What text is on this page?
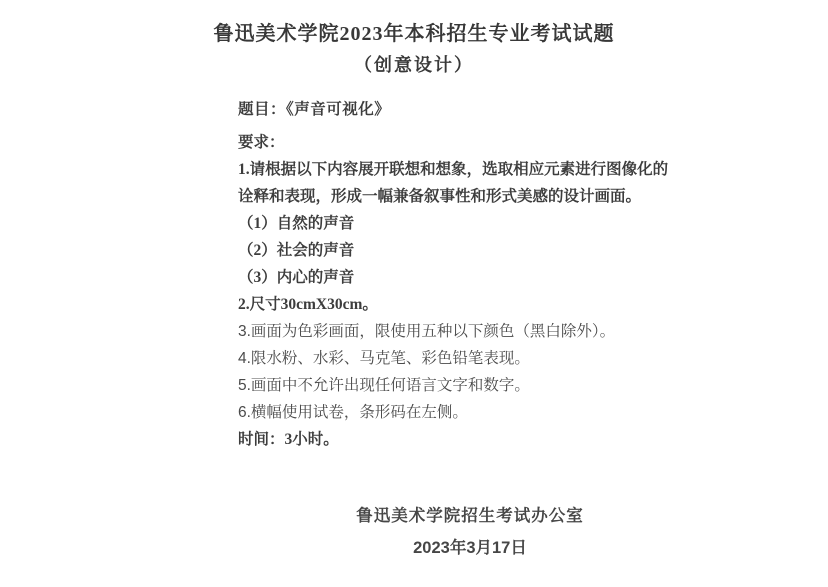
鲁迅美术学院2023年本科招生专业考试试题
（创意设计）
题目：《声音可视化》
要求：
1.请根据以下内容展开联想和想象，选取相应元素进行图像化的
诠释和表现，形成一幅兼备叙事性和形式美感的设计画面。
（1）自然的声音
（2）社会的声音
（3）内心的声音
2.尺寸30cmX30cm。
3.画面为色彩画面，限使用五种以下颜色（黑白除外）。
4.限水粉、水彩、马克笔、彩色铅笔表现。
5.画面中不允许出现任何语言文字和数字。
6.横幅使用试卷，条形码在左侧。
时间：3小时。
鲁迅美术学院招生考试办公室
2023年3月17日
